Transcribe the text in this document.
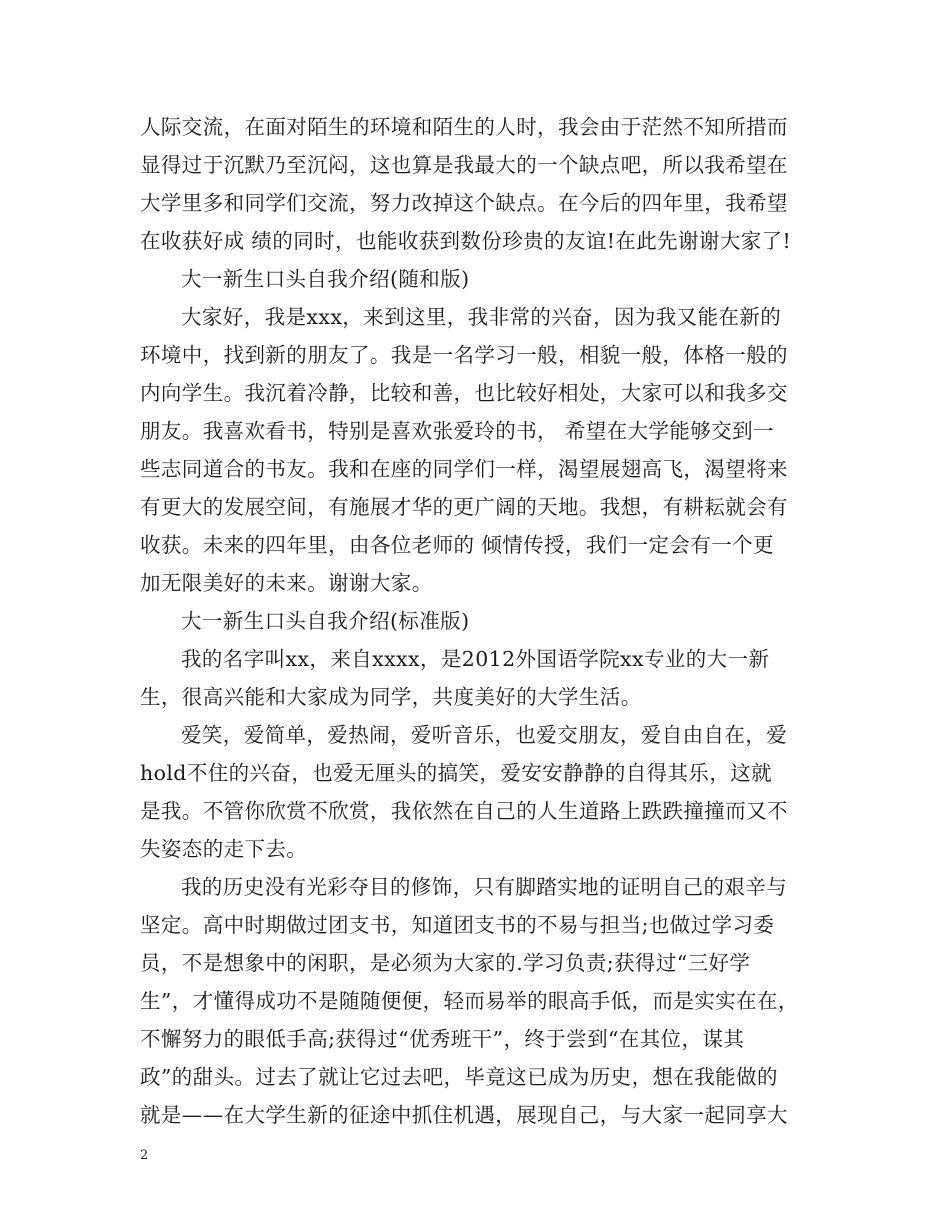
人际交流，在面对陌生的环境和陌生的人时，我会由于茫然不知所措而
显得过于沉默乃至沉闷，这也算是我最大的一个缺点吧，所以我希望在
大学里多和同学们交流，努力改掉这个缺点。在今后的四年里，我希望
在收获好成 绩的同时，也能收获到数份珍贵的友谊!在此先谢谢大家了!
大一新生口头自我介绍(随和版)
大家好，我是xxx，来到这里，我非常的兴奋，因为我又能在新的
环境中，找到新的朋友了。我是一名学习一般，相貌一般，体格一般的
内向学生。我沉着冷静，比较和善，也比较好相处，大家可以和我多交
朋友。我喜欢看书，特别是喜欢张爱玲的书， 希望在大学能够交到一
些志同道合的书友。我和在座的同学们一样，渴望展翅高飞，渴望将来
有更大的发展空间，有施展才华的更广阔的天地。我想，有耕耘就会有
收获。未来的四年里，由各位老师的 倾情传授，我们一定会有一个更
加无限美好的未来。谢谢大家。
大一新生口头自我介绍(标准版)
我的名字叫xx，来自xxxx，是2012外国语学院xx专业的大一新
生，很高兴能和大家成为同学，共度美好的大学生活。
爱笑，爱简单，爱热闹，爱听音乐，也爱交朋友，爱自由自在，爱
hold不住的兴奋，也爱无厘头的搞笑，爱安安静静的自得其乐，这就
是我。不管你欣赏不欣赏，我依然在自己的人生道路上跌跌撞撞而又不
失姿态的走下去。
我的历史没有光彩夺目的修饰，只有脚踏实地的证明自己的艰辛与
坚定。高中时期做过团支书，知道团支书的不易与担当;也做过学习委
员，不是想象中的闲职，是必须为大家的.学习负责;获得过“三好学
生”，才懂得成功不是随随便便，轻而易举的眼高手低，而是实实在在，
不懈努力的眼低手高;获得过“优秀班干”，终于尝到“在其位，谋其
政”的甜头。过去了就让它过去吧，毕竟这已成为历史，想在我能做的
就是——在大学生新的征途中抓住机遇，展现自己，与大家一起同享大
2
